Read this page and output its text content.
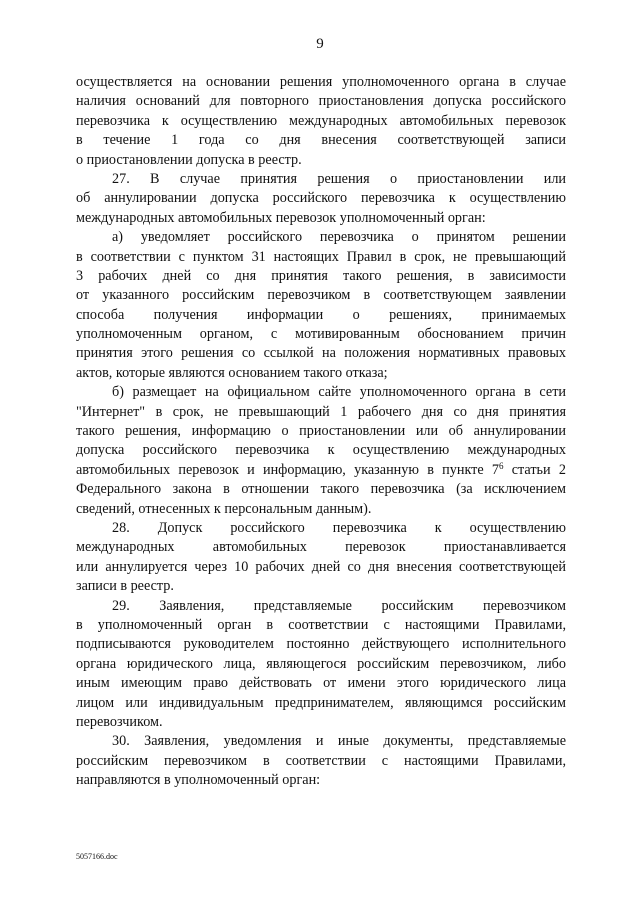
9
осуществляется на основании решения уполномоченного органа в случае
наличия оснований для повторного приостановления допуска российского
перевозчика к осуществлению международных автомобильных перевозок
в течение 1 года со дня внесения соответствующей записи
о приостановлении допуска в реестр.
27. В случае принятия решения о приостановлении или
об аннулировании допуска российского перевозчика к осуществлению
международных автомобильных перевозок уполномоченный орган:
а) уведомляет российского перевозчика о принятом решении
в соответствии с пунктом 31 настоящих Правил в срок, не превышающий
3 рабочих дней со дня принятия такого решения, в зависимости
от указанного российским перевозчиком в соответствующем заявлении
способа получения информации о решениях, принимаемых
уполномоченным органом, с мотивированным обоснованием причин
принятия этого решения со ссылкой на положения нормативных правовых
актов, которые являются основанием такого отказа;
б) размещает на официальном сайте уполномоченного органа в сети
"Интернет" в срок, не превышающий 1 рабочего дня со дня принятия
такого решения, информацию о приостановлении или об аннулировании
допуска российского перевозчика к осуществлению международных
автомобильных перевозок и информацию, указанную в пункте $7^6$ статьи 2
Федерального закона в отношении такого перевозчика (за исключением
сведений, отнесенных к персональным данным).
28. Допуск российского перевозчика к осуществлению
международных автомобильных перевозок приостанавливается
или аннулируется через 10 рабочих дней со дня внесения соответствующей
записи в реестр.
29. Заявления, представляемые российским перевозчиком
в уполномоченный орган в соответствии с настоящими Правилами,
подписываются руководителем постоянно действующего исполнительного
органа юридического лица, являющегося российским перевозчиком, либо
иным имеющим право действовать от имени этого юридического лица
лицом или индивидуальным предпринимателем, являющимся российским
перевозчиком.
30. Заявления, уведомления и иные документы, представляемые
российским перевозчиком в соответствии с настоящими Правилами,
направляются в уполномоченный орган:
5057166.doc
